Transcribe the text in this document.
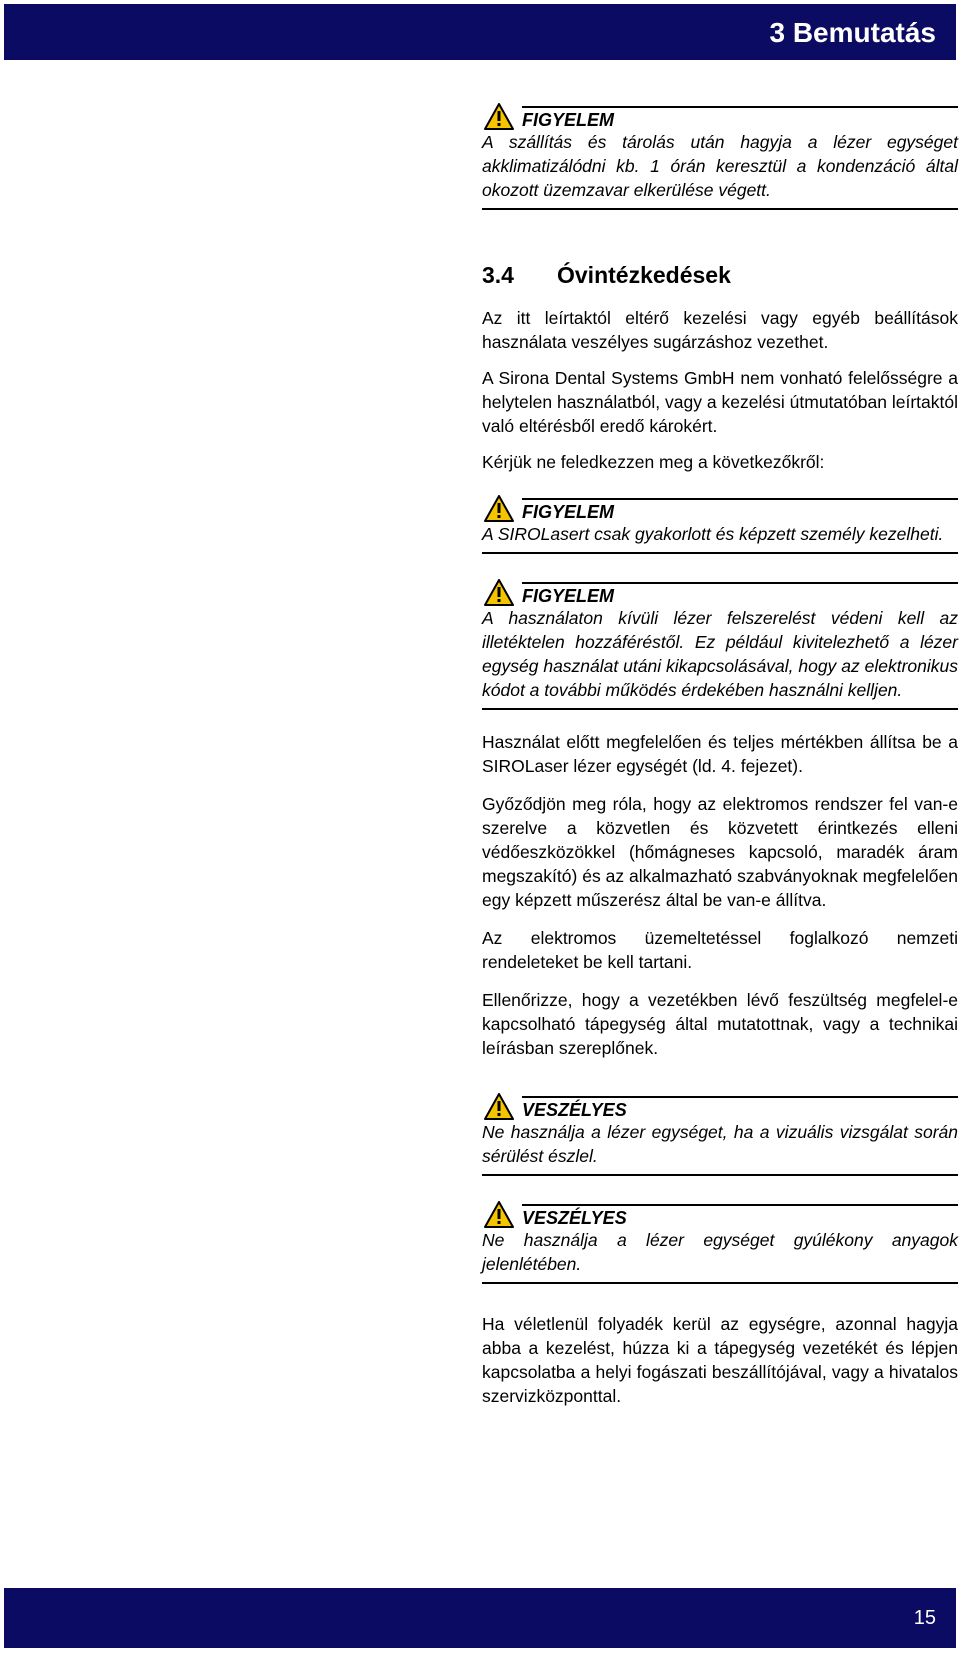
3 Bemutatás
FIGYELEM

A szállítás és tárolás után hagyja a lézer egységet akklimatizálódni kb. 1 órán keresztül a kondenzáció által okozott üzemzavar elkerülése végett.

3.4 Óvintézkedések

Az itt leírtaktól eltérő kezelési vagy egyéb beállítások használata veszélyes sugárzáshoz vezethet.

A Sirona Dental Systems GmbH nem vonható felelősségre a helytelen használatból, vagy a kezelési útmutatóban leírtaktól való eltérésből eredő károkért.

Kérjük ne feledkezzen meg a következőkről:

FIGYELEM

A SIROLasert csak gyakorlott és képzett személy kezelheti.

FIGYELEM

A használaton kívüli lézer felszerelést védeni kell az illetéktelen hozzáféréstől. Ez például kivitelezhető a lézer egység használat utáni kikapcsolásával, hogy az elektronikus kódot a további működés érdekében használni kelljen.

Használat előtt megfelelően és teljes mértékben állítsa be a SIROLaser lézer egységét (ld. 4. fejezet).

Győződjön meg róla, hogy az elektromos rendszer fel van-e szerelve a közvetlen és közvetett érintkezés elleni védőeszközökkel (hőmágneses kapcsoló, maradék áram megszakító) és az alkalmazható szabványoknak megfelelően egy képzett műszerész által be van-e állítva.

Az elektromos üzemeltetéssel foglalkozó nemzeti rendeleteket be kell tartani.

Ellenőrizze, hogy a vezetékben lévő feszültség megfelel-e kapcsolható tápegység által mutatottnak, vagy a technikai leírásban szereplőnek.

VESZÉLYES

Ne használja a lézer egységet, ha a vizuális vizsgálat során sérülést észlel.

VESZÉLYES

Ne használja a lézer egységet gyúlékony anyagok jelenlétében.

Ha véletlenül folyadék kerül az egységre, azonnal hagyja abba a kezelést, húzza ki a tápegység vezetékét és lépjen kapcsolatba a helyi fogászati beszállítójával, vagy a hivatalos szervizközponttal.

15
